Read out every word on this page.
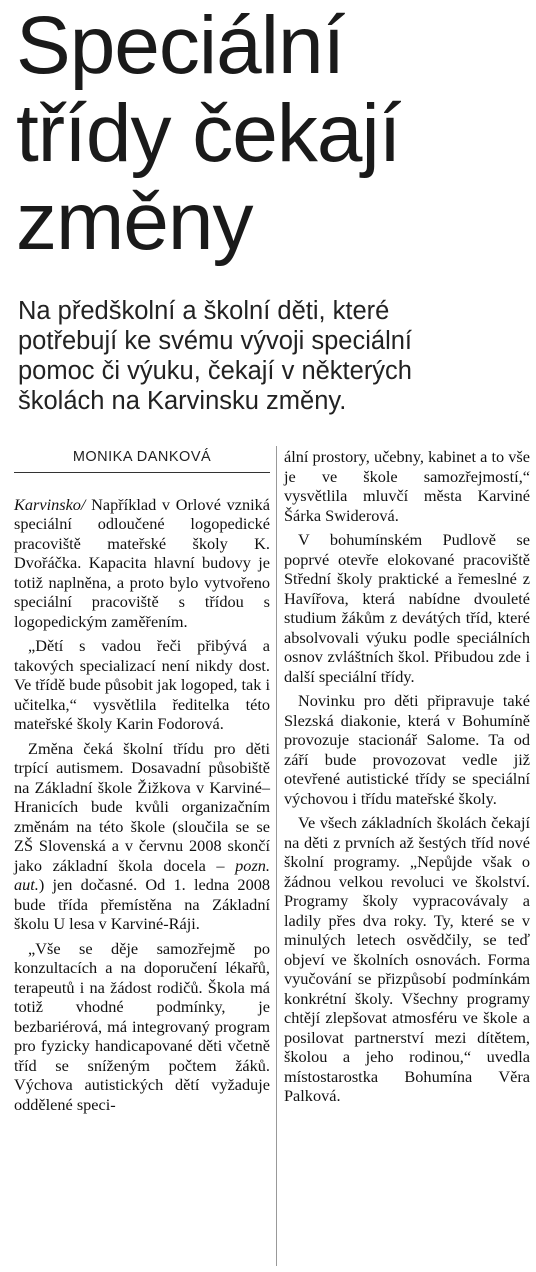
Speciální
třídy čekají
změny
Na předškolní a školní děti, které
potřebují ke svému vývoji speciální
pomoc či výuku, čekají v některých
školách na Karvinsku změny.
MONIKA DANKOVÁ

Karvinsko/ Například v Orlové vzniká speciální odloučené logopedické pracoviště mateřské školy K. Dvořáčka. Kapacita hlavní budovy je totiž naplněna, a proto bylo vytvořeno speciální pracoviště s třídou s logopedickým zaměřením.

„Dětí s vadou řeči přibývá a takových specializací není nikdy dost. Ve třídě bude působit jak logoped, tak i učitelka,“ vysvětlila ředitelka této mateřské školy Karin Fodorová.

Změna čeká školní třídu pro děti trpící autismem. Dosavadní působiště na Základní škole Žižkova v Karviné–Hranicích bude kvůli organizačním změnám na této škole (sloučila se se ZŠ Slovenská a v červnu 2008 skončí jako základní škola docela – pozn. aut.) jen dočasné. Od 1. ledna 2008 bude třída přemístěna na Základní školu U lesa v Karviné-Ráji.

„Vše se děje samozřejmě po konzultacích a na doporučení lékařů, terapeutů i na žádost rodičů. Škola má totiž vhodné podmínky, je bezbariérová, má integrovaný program pro fyzicky handicapované děti včetně tříd se sníženým počtem žáků. Výchova autistických dětí vyžaduje oddělené speci-

ální prostory, učebny, kabinet a to vše je ve škole samozřejmostí,“ vysvětlila mluvčí města Karviné Šárka Swiderová.

V bohumínském Pudlově se poprvé otevře elokované pracoviště Střední školy praktické a řemeslné z Havířova, která nabídne dvouleté studium žákům z devátých tříd, které absolvovali výuku podle speciálních osnov zvláštních škol. Přibudou zde i další speciální třídy.

Novinku pro děti připravuje také Slezská diakonie, která v Bohumíně provozuje stacionář Salome. Ta od září bude provozovat vedle již otevřené autistické třídy se speciální výchovou i třídu mateřské školy.

Ve všech základních školách čekají na děti z prvních až šestých tříd nové školní programy. „Nepůjde však o žádnou velkou revoluci ve školství. Programy školy vypracovávaly a ladily přes dva roky. Ty, které se v minulých letech osvědčily, se teď objeví ve školních osnovách. Forma vyučování se přizpůsobí podmínkám konkrétní školy. Všechny programy chtějí zlepšovat atmosféru ve škole a posilovat partnerství mezi dítětem, školou a jeho rodinou,“ uvedla místostarostka Bohumína Věra Palková.
